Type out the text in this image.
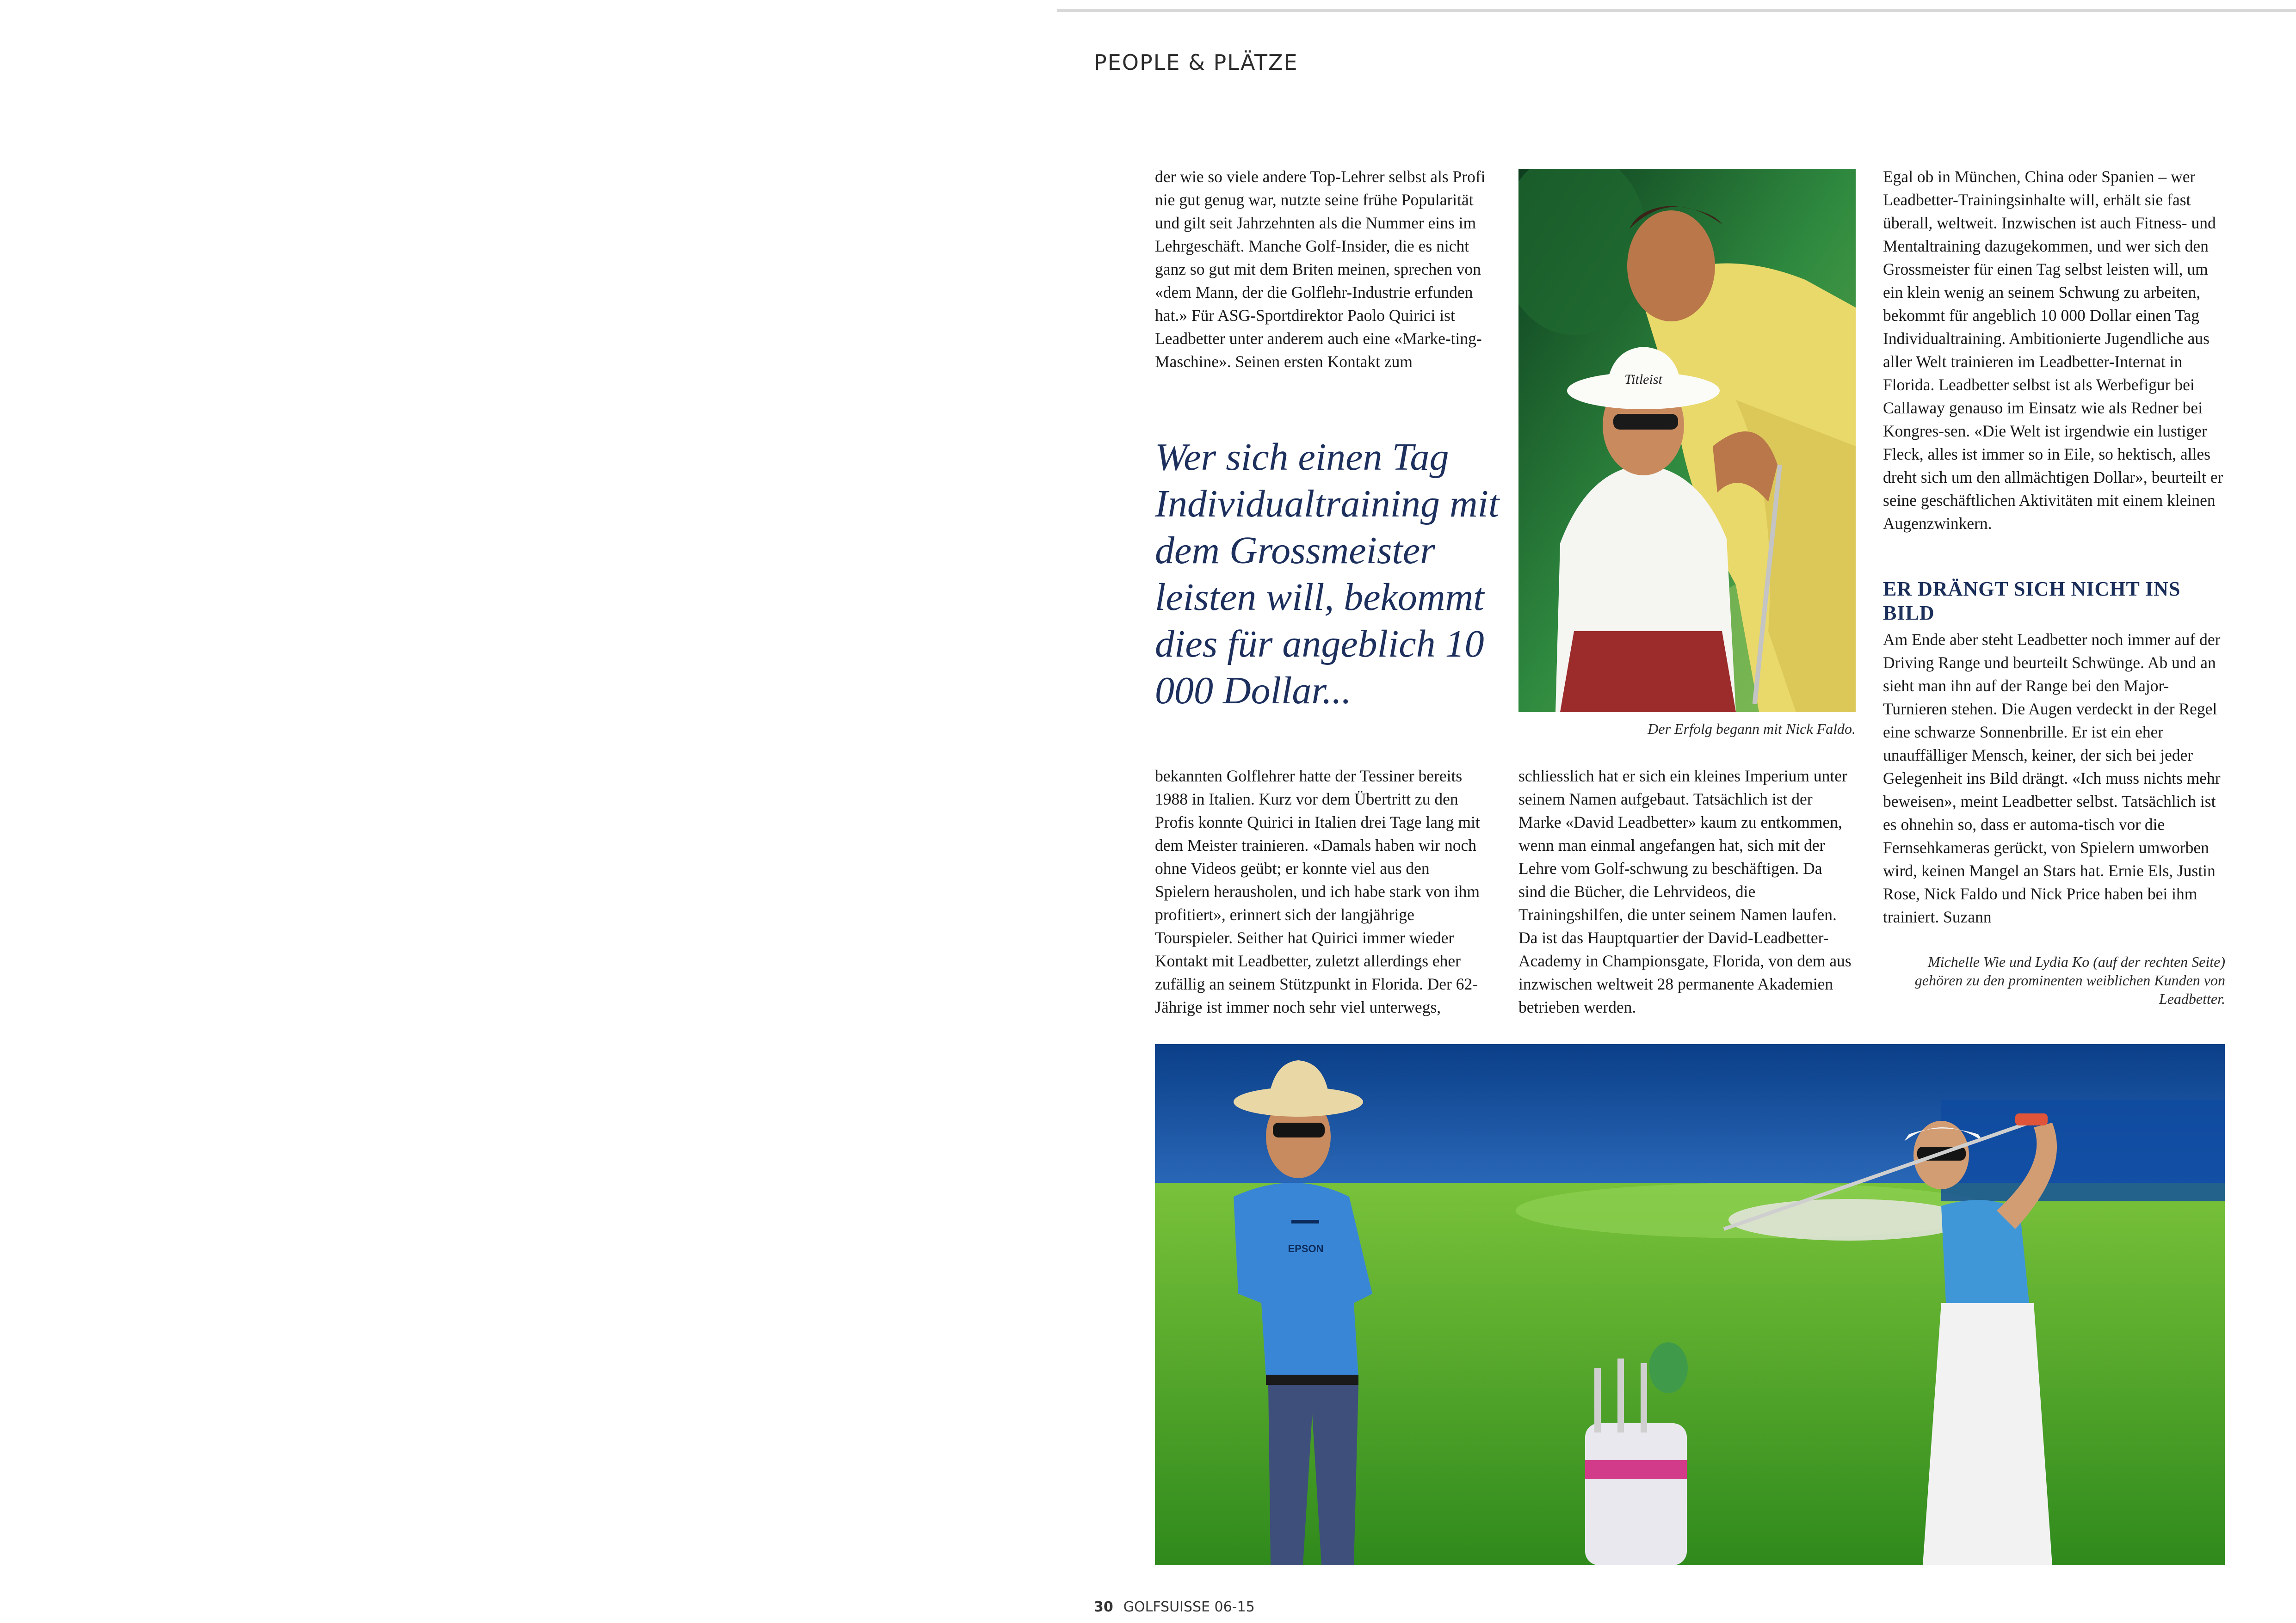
PEOPLE & PLÄTZE

der wie so viele andere Top-Lehrer selbst als Profi nie gut genug war, nutzte seine frühe Popularität und gilt seit Jahrzehnten als die Nummer eins im Lehrgeschäft. Manche Golf-Insider, die es nicht ganz so gut mit dem Briten meinen, sprechen von «dem Mann, der die Golflehr-Industrie erfunden hat.» Für ASG-Sportdirektor Paolo Quirici ist Leadbetter unter anderem auch eine «Marke-ting-Maschine». Seinen ersten Kontakt zum

Wer sich einen Tag Individualtraining mit dem Grossmeister leisten will, bekommt dies für angeblich 10 000 Dollar...

bekannten Golflehrer hatte der Tessiner bereits 1988 in Italien. Kurz vor dem Übertritt zu den Profis konnte Quirici in Italien drei Tage lang mit dem Meister trainieren. «Damals haben wir noch ohne Videos geübt; er konnte viel aus den Spielern herausholen, und ich habe stark von ihm profitiert», erinnert sich der langjährige Tourspieler. Seither hat Quirici immer wieder Kontakt mit Leadbetter, zuletzt allerdings eher zufällig an seinem Stützpunkt in Florida. Der 62-Jährige ist immer noch sehr viel unterwegs,

Titleist
Der Erfolg begann mit Nick Faldo.

schliesslich hat er sich ein kleines Imperium unter seinem Namen aufgebaut. Tatsächlich ist der Marke «David Leadbetter» kaum zu entkommen, wenn man einmal angefangen hat, sich mit der Lehre vom Golf-schwung zu beschäftigen. Da sind die Bücher, die Lehrvideos, die Trainingshilfen, die unter seinem Namen laufen. Da ist das Hauptquartier der David-Leadbetter- Academy in Championsgate, Florida, von dem aus inzwischen weltweit 28 permanente Akademien betrieben werden.

Egal ob in München, China oder Spanien – wer Leadbetter-Trainingsinhalte will, erhält sie fast überall, weltweit. Inzwischen ist auch Fitness- und Mentaltraining dazugekommen, und wer sich den Grossmeister für einen Tag selbst leisten will, um ein klein wenig an seinem Schwung zu arbeiten, bekommt für angeblich 10 000 Dollar einen Tag Individualtraining. Ambitionierte Jugendliche aus aller Welt trainieren im Leadbetter-Internat in Florida. Leadbetter selbst ist als Werbefigur bei Callaway genauso im Einsatz wie als Redner bei Kongres-sen. «Die Welt ist irgendwie ein lustiger Fleck, alles ist immer so in Eile, so hektisch, alles dreht sich um den allmächtigen Dollar», beurteilt er seine geschäftlichen Aktivitäten mit einem kleinen Augenzwinkern.

ER DRÄNGT SICH NICHT INS BILD

Am Ende aber steht Leadbetter noch immer auf der Driving Range und beurteilt Schwünge. Ab und an sieht man ihn auf der Range bei den Major-Turnieren stehen. Die Augen verdeckt in der Regel eine schwarze Sonnenbrille. Er ist ein eher unauffälliger Mensch, keiner, der sich bei jeder Gelegenheit ins Bild drängt. «Ich muss nichts mehr beweisen», meint Leadbetter selbst. Tatsächlich ist es ohnehin so, dass er automa-tisch vor die Fernsehkameras gerückt, von Spielern umworben wird, keinen Mangel an Stars hat. Ernie Els, Justin Rose, Nick Faldo und Nick Price haben bei ihm trainiert. Suzann

Michelle Wie und Lydia Ko (auf der rechten Seite) gehören zu den prominenten weiblichen Kunden von Leadbetter.
EPSON
30 GOLFSUISSE 06-15
